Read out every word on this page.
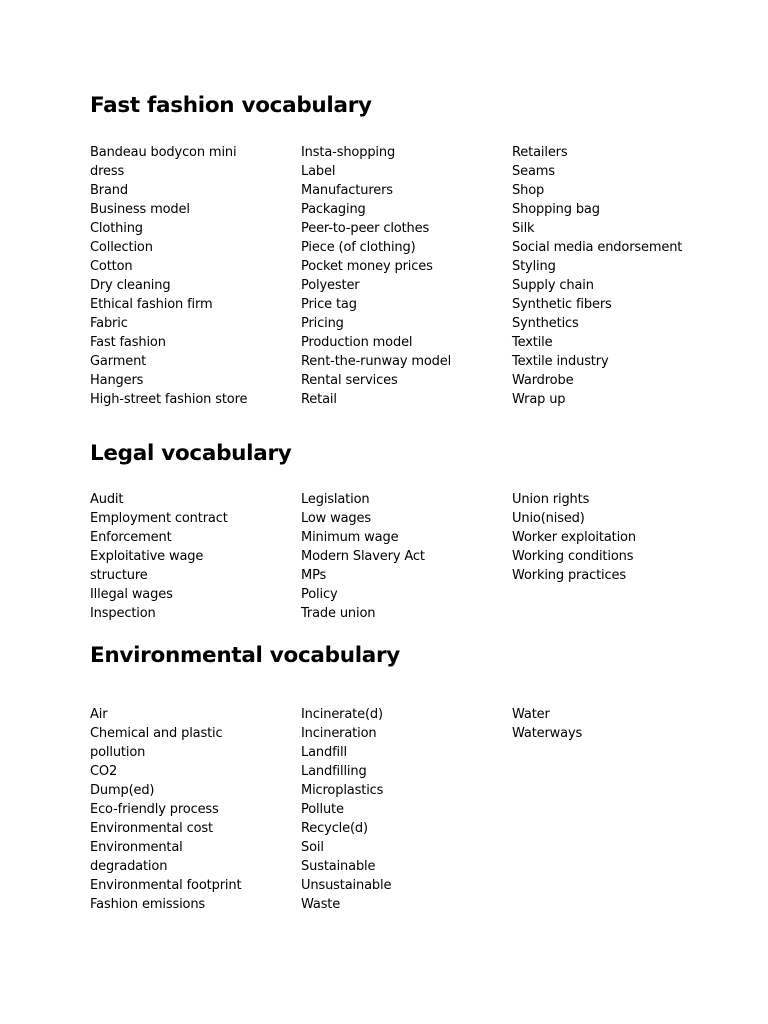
Fast fashion vocabulary
Bandeau bodycon mini dress
Brand
Business model
Clothing
Collection
Cotton
Dry cleaning
Ethical fashion firm
Fabric
Fast fashion
Garment
Hangers
High-street fashion store
Insta-shopping
Label
Manufacturers
Packaging
Peer-to-peer clothes
Piece (of clothing)
Pocket money prices
Polyester
Price tag
Pricing
Production model
Rent-the-runway model
Rental services
Retail
Retailers
Seams
Shop
Shopping bag
Silk
Social media endorsement
Styling
Supply chain
Synthetic fibers
Synthetics
Textile
Textile industry
Wardrobe
Wrap up
Legal vocabulary
Audit
Employment contract
Enforcement
Exploitative wage structure
Illegal wages
Inspection
Legislation
Low wages
Minimum wage
Modern Slavery Act
MPs
Policy
Trade union
Union rights
Unio(nised)
Worker exploitation
Working conditions
Working practices
Environmental vocabulary
Air
Chemical and plastic pollution
CO2
Dump(ed)
Eco-friendly process
Environmental cost
Environmental degradation
Environmental footprint
Fashion emissions
Incinerate(d)
Incineration
Landfill
Landfilling
Microplastics
Pollute
Recycle(d)
Soil
Sustainable
Unsustainable
Waste
Water
Waterways
